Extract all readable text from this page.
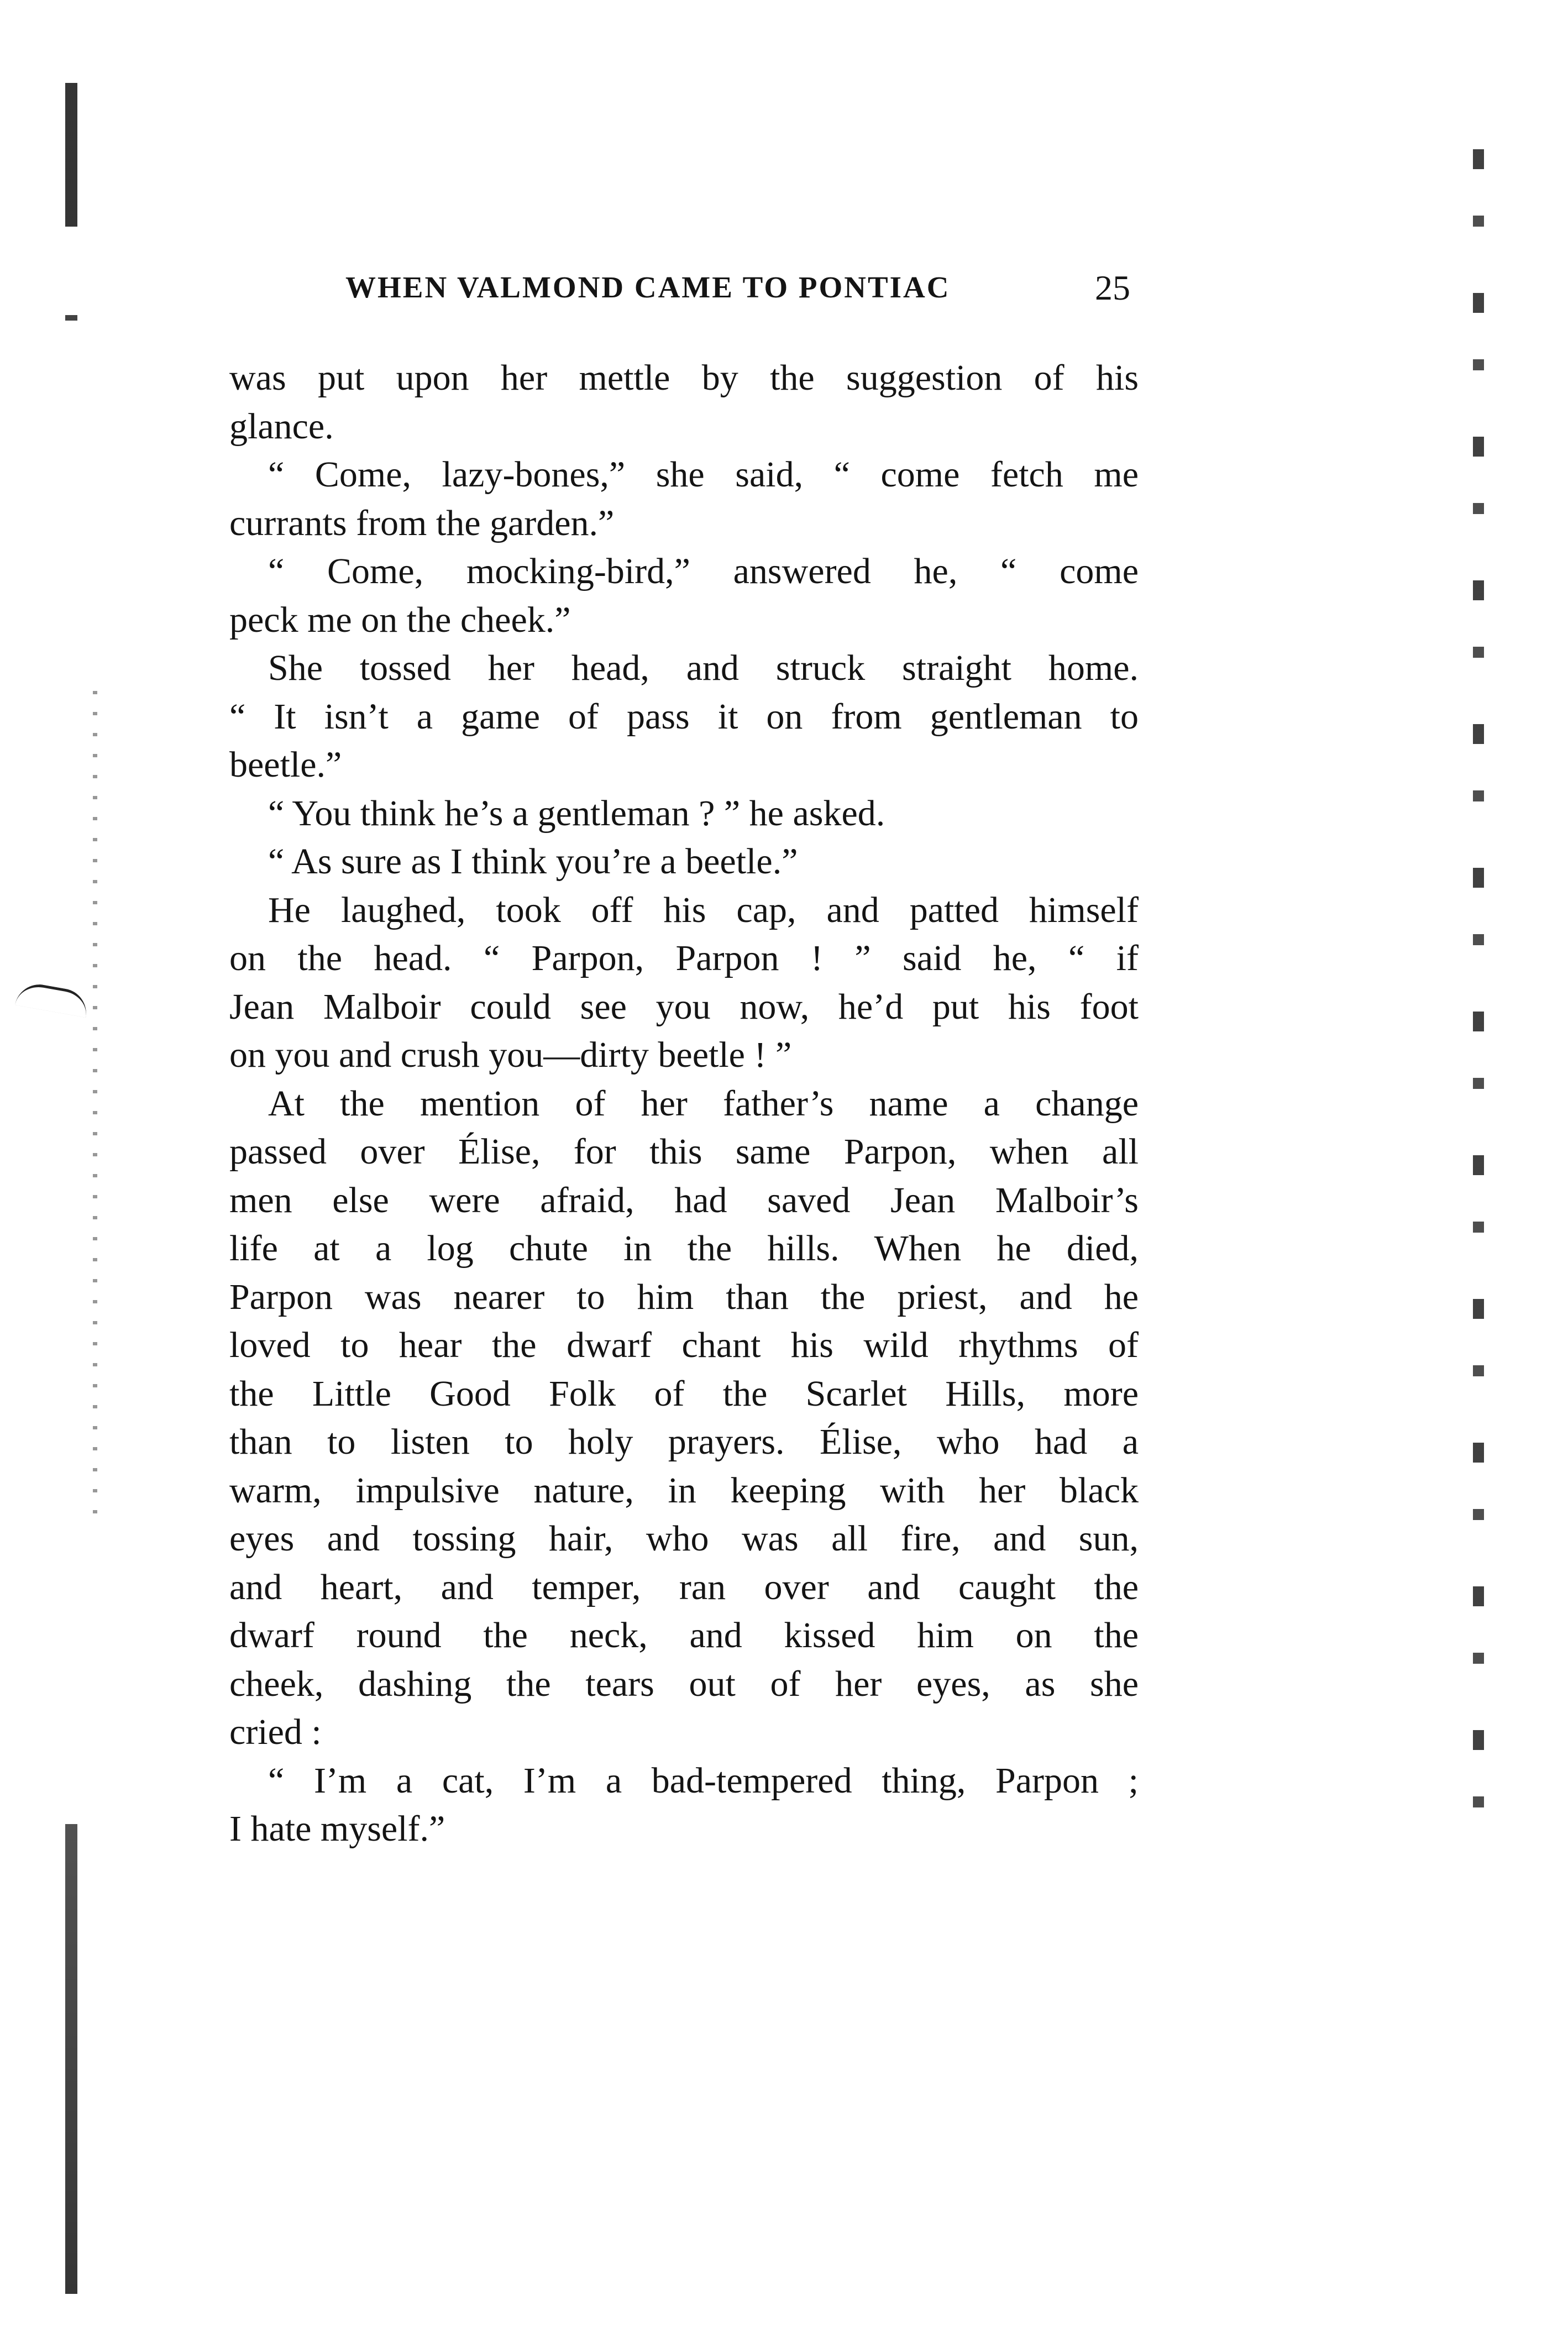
WHEN VALMOND CAME TO PONTIAC	25
was put upon her mettle by the suggestion of his
glance.
“ Come, lazy-bones,” she said, “ come fetch me
currants from the garden.”
“ Come, mocking-bird,” answered he, “ come
peck me on the cheek.”
She tossed her head, and struck straight home.
“ It isn’t a game of pass it on from gentleman to
beetle.”
“ You think he’s a gentleman ? ” he asked.
“ As sure as I think you’re a beetle.”
He laughed, took off his cap, and patted himself
on the head. “ Parpon, Parpon ! ” said he, “ if
Jean Malboir could see you now, he’d put his foot
on you and crush you—dirty beetle ! ”
At the mention of her father’s name a change
passed over Élise, for this same Parpon, when all
men else were afraid, had saved Jean Malboir’s
life at a log chute in the hills. When he died,
Parpon was nearer to him than the priest, and he
loved to hear the dwarf chant his wild rhythms of
the Little Good Folk of the Scarlet Hills, more
than to listen to holy prayers. Élise, who had a
warm, impulsive nature, in keeping with her black
eyes and tossing hair, who was all fire, and sun,
and heart, and temper, ran over and caught the
dwarf round the neck, and kissed him on the
cheek, dashing the tears out of her eyes, as she
cried :
“ I’m a cat, I’m a bad-tempered thing, Parpon ;
I hate myself.”
